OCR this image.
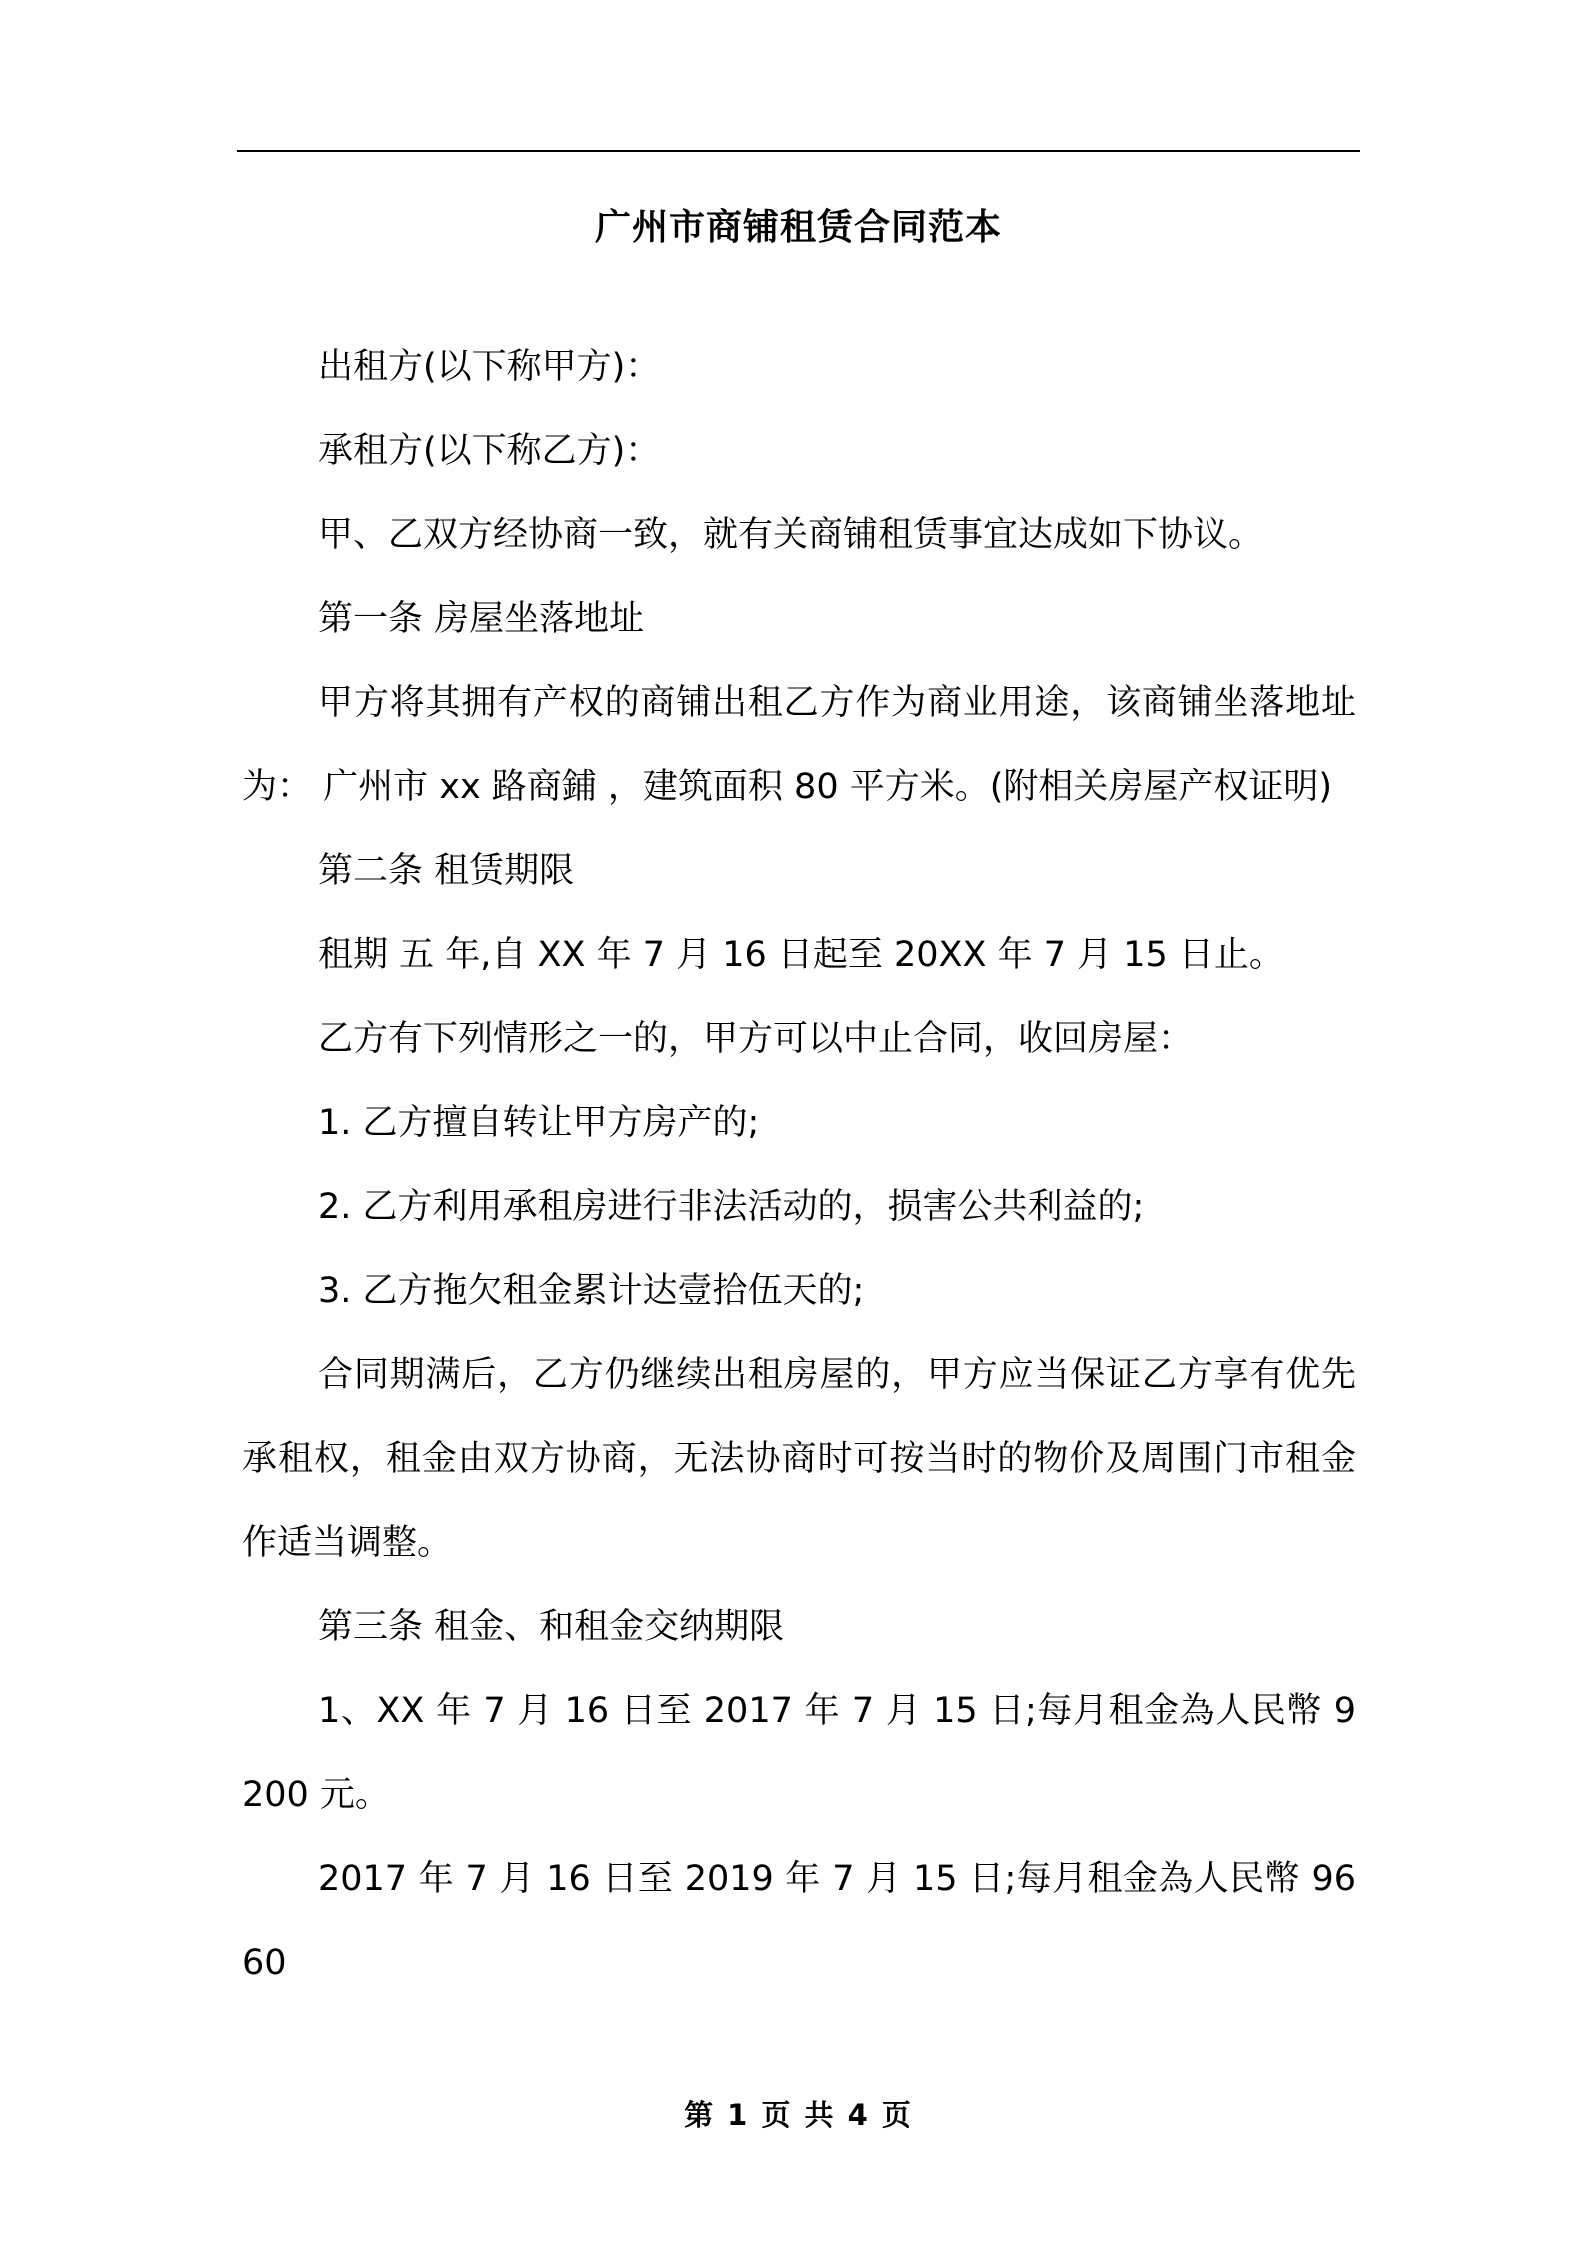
广州市商铺租赁合同范本

出租方(以下称甲方)：

承租方(以下称乙方)：

甲、乙双方经协商一致，就有关商铺租赁事宜达成如下协议。

第一条 房屋坐落地址

甲方将其拥有产权的商铺出租乙方作为商业用途，该商铺坐落地址为： 广州市 xx 路商鋪 ，建筑面积 80 平方米。(附相关房屋产权证明)

第二条 租赁期限

租期 五 年,自 XX 年 7 月 16 日起至 20XX 年 7 月 15 日止。

乙方有下列情形之一的，甲方可以中止合同，收回房屋：

1. 乙方擅自转让甲方房产的;

2. 乙方利用承租房进行非法活动的，损害公共利益的;

3. 乙方拖欠租金累计达壹拾伍天的;

合同期满后，乙方仍继续出租房屋的，甲方应当保证乙方享有优先承租权，租金由双方协商，无法协商时可按当时的物价及周围门市租金作适当调整。

第三条 租金、和租金交纳期限

1、XX 年 7 月 16 日至 2017 年 7 月 15 日;每月租金為人民幣 9200 元。

2017 年 7 月 16 日至 2019 年 7 月 15 日;每月租金為人民幣 9660

第 1 页 共 4 页
